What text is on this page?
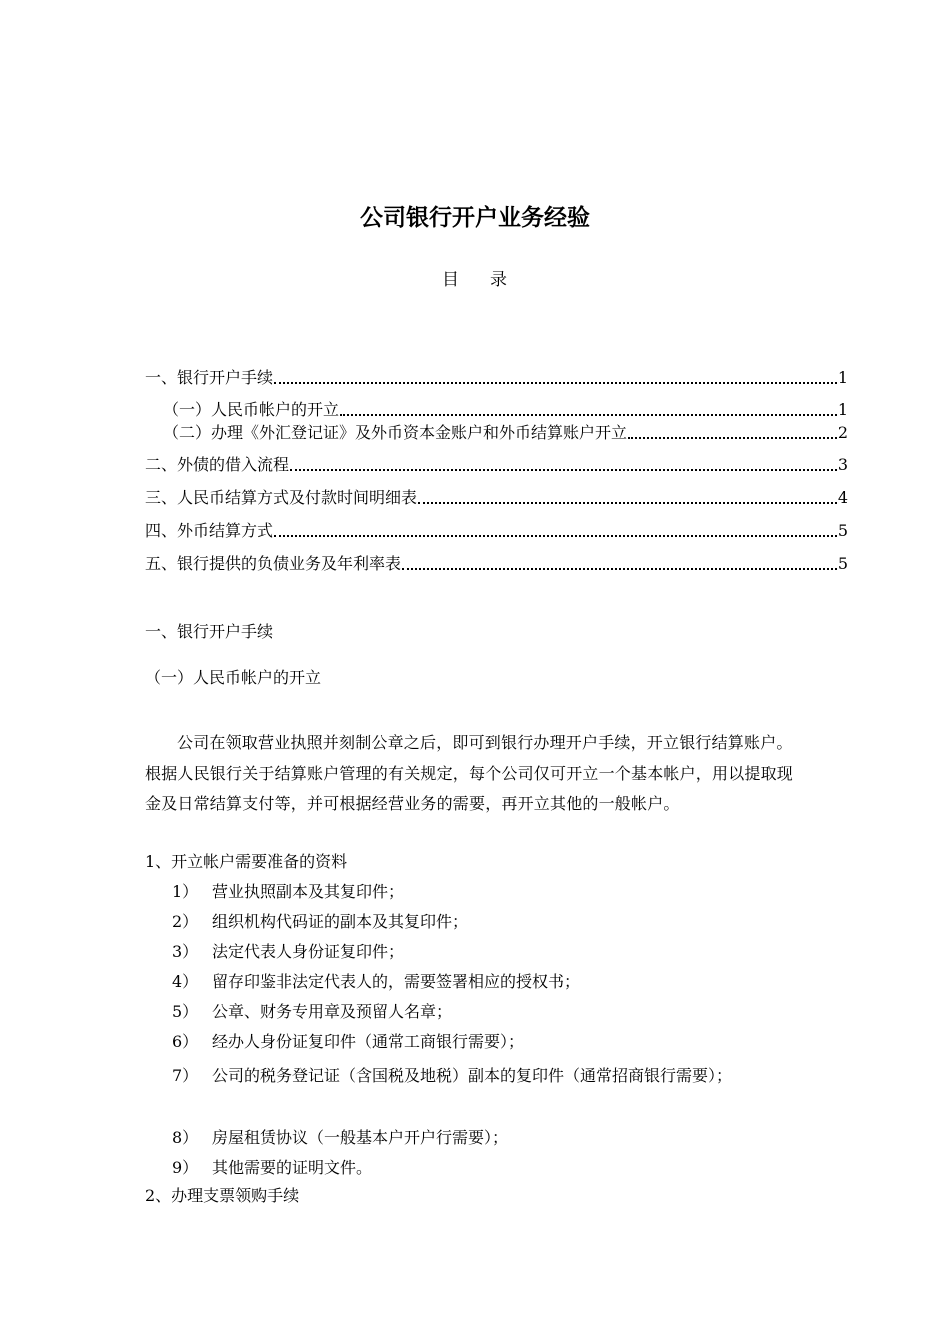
公司银行开户业务经验
目 录
一、银行开户手续	1
（一）人民币帐户的开立	1
（二）办理《外汇登记证》及外币资本金账户和外币结算账户开立	2
二、外债的借入流程	3
三、人民币结算方式及付款时间明细表	4
四、外币结算方式	5
五、银行提供的负债业务及年利率表	5
一、银行开户手续
（一）人民币帐户的开立
公司在领取营业执照并刻制公章之后，即可到银行办理开户手续，开立银行结算账户。根据人民银行关于结算账户管理的有关规定，每个公司仅可开立一个基本帐户，用以提取现金及日常结算支付等，并可根据经营业务的需要，再开立其他的一般帐户。
1、开立帐户需要准备的资料
1） 营业执照副本及其复印件；
2） 组织机构代码证的副本及其复印件；
3） 法定代表人身份证复印件；
4） 留存印鉴非法定代表人的，需要签署相应的授权书；
5） 公章、财务专用章及预留人名章；
6） 经办人身份证复印件（通常工商银行需要）；
7） 公司的税务登记证（含国税及地税）副本的复印件（通常招商银行需要）；
8） 房屋租赁协议（一般基本户开户行需要）；
9） 其他需要的证明文件。
2、办理支票领购手续
